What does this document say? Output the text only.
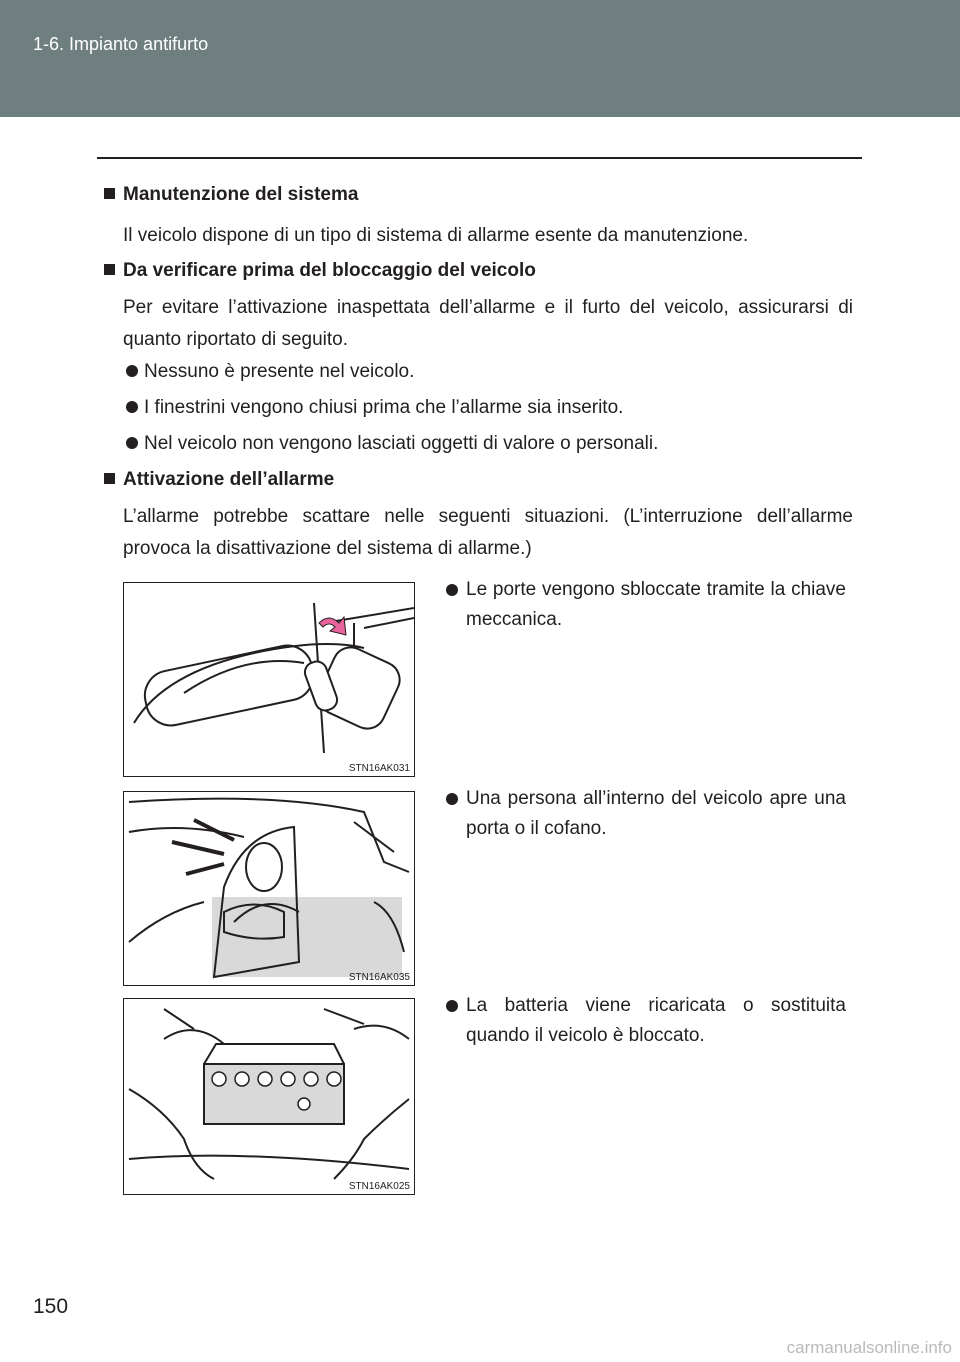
1-6. Impianto antifurto
Manutenzione del sistema
Il veicolo dispone di un tipo di sistema di allarme esente da manutenzione.
Da verificare prima del bloccaggio del veicolo
Per evitare l’attivazione inaspettata dell’allarme e il furto del veicolo, assicurarsi di quanto riportato di seguito.
Nessuno è presente nel veicolo.
I finestrini vengono chiusi prima che l’allarme sia inserito.
Nel veicolo non vengono lasciati oggetti di valore o personali.
Attivazione dell’allarme
L’allarme potrebbe scattare nelle seguenti situazioni. (L’interruzione dell’allarme provoca la disattivazione del sistema di allarme.)
STN16AK031
Le porte vengono sbloccate tramite la chiave meccanica.
STN16AK035
Una persona all’interno del veicolo apre una porta o il cofano.
STN16AK025
La batteria viene ricaricata o sostituita quando il veicolo è bloccato.
150
carmanualsonline.info
